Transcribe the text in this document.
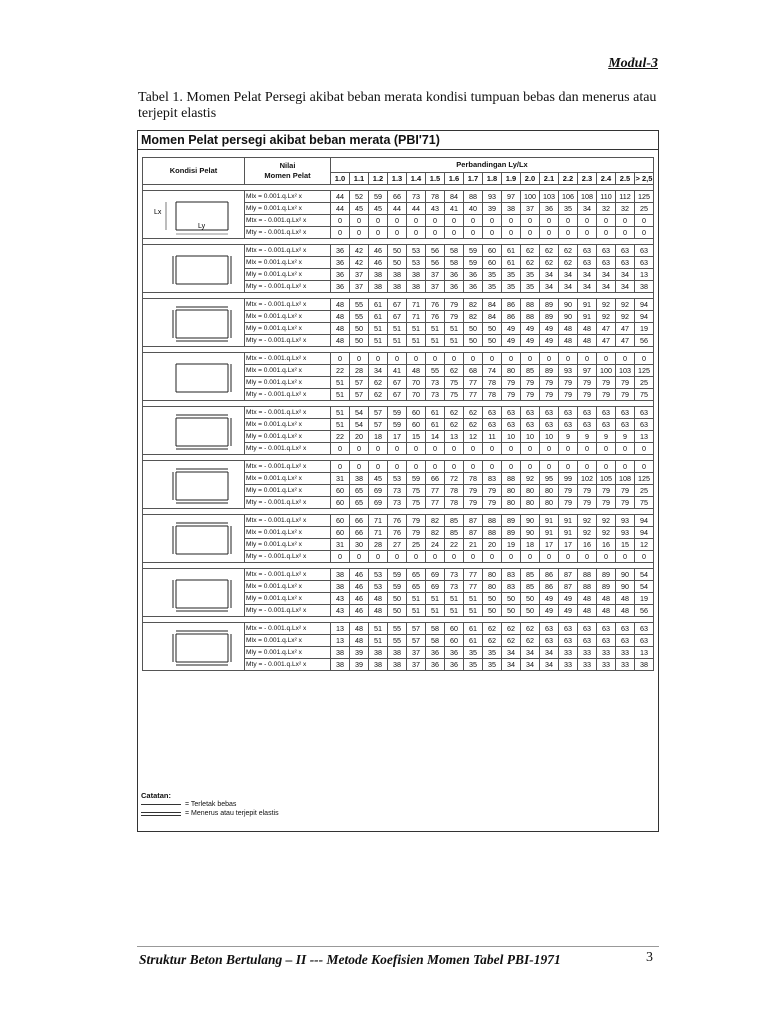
Modul-3
Tabel 1. Momen Pelat Persegi akibat beban merata kondisi tumpuan bebas dan menerus atau terjepit elastis
Momen Pelat persegi akibat beban merata (PBI'71)
Kondisi Pelat	Nilai
Momen Pelat	Perbandingan Ly/Lx																
		1.0	1.1	1.2	1.3	1.4	1.5	1.6	1.7	1.8	1.9	2.0	2.1	2.2	2.3	2.4	2.5	> 2,5

Lx
Ly	Mlx = 0.001.q.Lx² x	44	52	59	66	73	78	84	88	93	97	100	103	106	108	110	112	125
	Mly = 0.001.q.Lx² x	44	45	45	44	44	43	41	40	39	38	37	36	35	34	32	32	25
	Mtx = - 0.001.q.Lx² x	0	0	0	0	0	0	0	0	0	0	0	0	0	0	0	0	0
	Mty = - 0.001.q.Lx² x	0	0	0	0	0	0	0	0	0	0	0	0	0	0	0	0	0

	Mtx = - 0.001.q.Lx² x	36	42	46	50	53	56	58	59	60	61	62	62	62	63	63	63	63
	Mlx = 0.001.q.Lx² x	36	42	46	50	53	56	58	59	60	61	62	62	62	63	63	63	63
	Mly = 0.001.q.Lx² x	36	37	38	38	38	37	36	36	35	35	35	34	34	34	34	34	13
	Mty = - 0.001.q.Lx² x	36	37	38	38	38	37	36	36	35	35	35	34	34	34	34	34	38

	Mtx = - 0.001.q.Lx² x	48	55	61	67	71	76	79	82	84	86	88	89	90	91	92	92	94
	Mlx = 0.001.q.Lx² x	48	55	61	67	71	76	79	82	84	86	88	89	90	91	92	92	94
	Mly = 0.001.q.Lx² x	48	50	51	51	51	51	51	50	50	49	49	49	48	48	47	47	19
	Mty = - 0.001.q.Lx² x	48	50	51	51	51	51	51	50	50	49	49	49	48	48	47	47	56

	Mtx = - 0.001.q.Lx² x	0	0	0	0	0	0	0	0	0	0	0	0	0	0	0	0	0
	Mlx = 0.001.q.Lx² x	22	28	34	41	48	55	62	68	74	80	85	89	93	97	100	103	125
	Mly = 0.001.q.Lx² x	51	57	62	67	70	73	75	77	78	79	79	79	79	79	79	79	25
	Mty = - 0.001.q.Lx² x	51	57	62	67	70	73	75	77	78	79	79	79	79	79	79	79	75

	Mtx = - 0.001.q.Lx² x	51	54	57	59	60	61	62	62	63	63	63	63	63	63	63	63	63
	Mlx = 0.001.q.Lx² x	51	54	57	59	60	61	62	62	63	63	63	63	63	63	63	63	63
	Mly = 0.001.q.Lx² x	22	20	18	17	15	14	13	12	11	10	10	10	9	9	9	9	13
	Mty = - 0.001.q.Lx² x	0	0	0	0	0	0	0	0	0	0	0	0	0	0	0	0	0

	Mtx = - 0.001.q.Lx² x	0	0	0	0	0	0	0	0	0	0	0	0	0	0	0	0	0
	Mlx = 0.001.q.Lx² x	31	38	45	53	59	66	72	78	83	88	92	95	99	102	105	108	125
	Mly = 0.001.q.Lx² x	60	65	69	73	75	77	78	79	79	80	80	80	79	79	79	79	25
	Mty = - 0.001.q.Lx² x	60	65	69	73	75	77	78	79	79	80	80	80	79	79	79	79	75

	Mtx = - 0.001.q.Lx² x	60	66	71	76	79	82	85	87	88	89	90	91	91	92	92	93	94
	Mlx = 0.001.q.Lx² x	60	66	71	76	79	82	85	87	88	89	90	91	91	92	92	93	94
	Mly = 0.001.q.Lx² x	31	30	28	27	25	24	22	21	20	19	18	17	17	16	16	15	12
	Mty = - 0.001.q.Lx² x	0	0	0	0	0	0	0	0	0	0	0	0	0	0	0	0	0

	Mtx = - 0.001.q.Lx² x	38	46	53	59	65	69	73	77	80	83	85	86	87	88	89	90	54
	Mlx = 0.001.q.Lx² x	38	46	53	59	65	69	73	77	80	83	85	86	87	88	89	90	54
	Mly = 0.001.q.Lx² x	43	46	48	50	51	51	51	51	50	50	50	49	49	48	48	48	19
	Mty = - 0.001.q.Lx² x	43	46	48	50	51	51	51	51	50	50	50	49	49	48	48	48	56

	Mtx = - 0.001.q.Lx² x	13	48	51	55	57	58	60	61	62	62	62	63	63	63	63	63	63
	Mlx = 0.001.q.Lx² x	13	48	51	55	57	58	60	61	62	62	62	63	63	63	63	63	63
	Mly = 0.001.q.Lx² x	38	39	38	38	37	36	36	35	35	34	34	34	33	33	33	33	13
	Mty = - 0.001.q.Lx² x	38	39	38	38	37	36	36	35	35	34	34	34	33	33	33	33	38
Catatan:
= Terletak bebas
= Menerus atau terjepit elastis
Struktur Beton Bertulang – II --- Metode Koefisien Momen Tabel PBI-1971	3
